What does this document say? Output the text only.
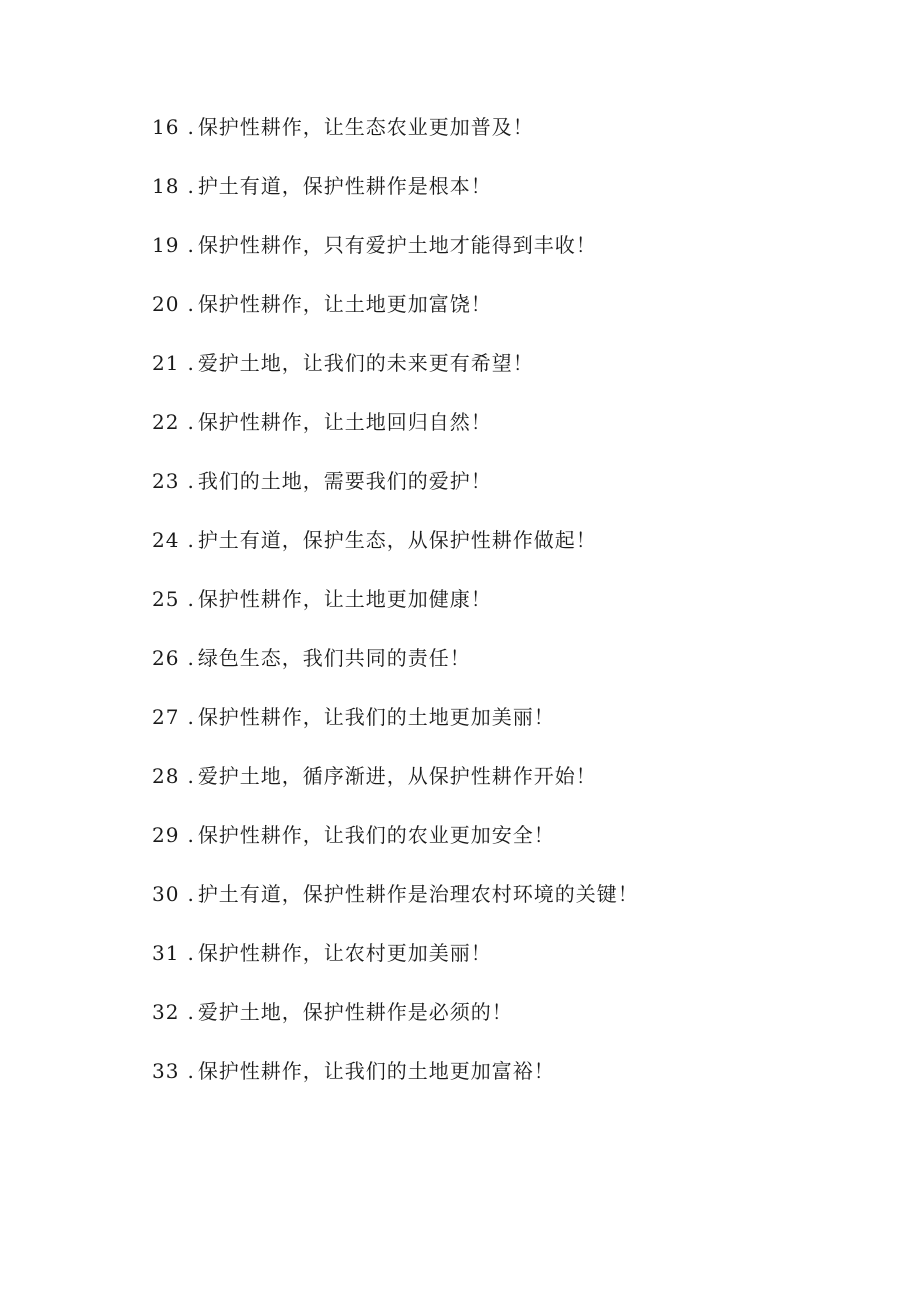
16 . 保护性耕作，让生态农业更加普及！
18 . 护土有道，保护性耕作是根本！
19 . 保护性耕作，只有爱护土地才能得到丰收！
20 . 保护性耕作，让土地更加富饶！
21 . 爱护土地，让我们的未来更有希望！
22 . 保护性耕作，让土地回归自然！
23 . 我们的土地，需要我们的爱护！
24 . 护土有道，保护生态，从保护性耕作做起！
25 . 保护性耕作，让土地更加健康！
26 . 绿色生态，我们共同的责任！
27 . 保护性耕作，让我们的土地更加美丽！
28 . 爱护土地，循序渐进，从保护性耕作开始！
29 . 保护性耕作，让我们的农业更加安全！
30 . 护土有道，保护性耕作是治理农村环境的关键！
31 . 保护性耕作，让农村更加美丽！
32 . 爱护土地，保护性耕作是必须的！
33 . 保护性耕作，让我们的土地更加富裕！
